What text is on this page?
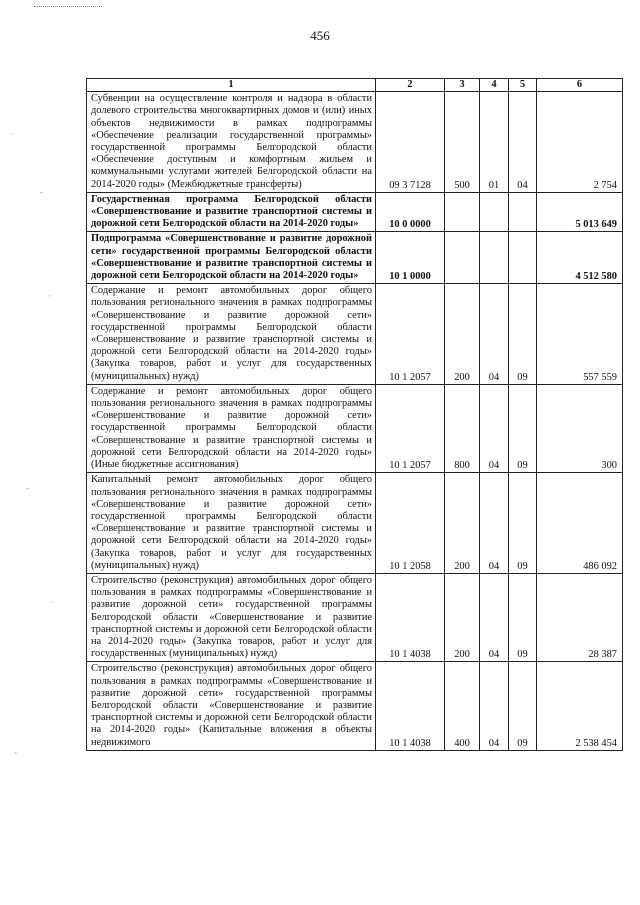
·
-
·
-
·
-
456
1	2	3	4	5	6
Субвенции на осуществление контроля и надзора в области долевого строительства многоквартирных домов и (или) иных объектов недвижимости в рамках подпрограммы «Обеспечение реализации государственной программы» государственной программы Белгородской области «Обеспечение доступным и комфортным жильем и коммунальными услугами жителей Белгородской области на 2014-2020 годы» (Межбюджетные трансферты)	09 3 7128	500	01	04	2 754
Государственная программа Белгородской области «Совершенствование и развитие транспортной системы и дорожной сети Белгородской области на 2014-2020 годы»	10 0 0000				5 013 649
Подпрограмма «Совершенствование и развитие дорожной сети» государственной программы Белгородской области «Совершенствование и развитие транспортной системы и дорожной сети Белгородской области на 2014-2020 годы»	10 1 0000				4 512 580
Содержание и ремонт автомобильных дорог общего пользования регионального значения в рамках подпрограммы «Совершенствование и развитие дорожной сети» государственной программы Белгородской области «Совершенствование и развитие транспортной системы и дорожной сети Белгородской области на 2014-2020 годы» (Закупка товаров, работ и услуг для государственных (муниципальных) нужд)	10 1 2057	200	04	09	557 559
Содержание и ремонт автомобильных дорог общего пользования регионального значения в рамках подпрограммы «Совершенствование и развитие дорожной сети» государственной программы Белгородской области «Совершенствование и развитие транспортной системы и дорожной сети Белгородской области на 2014-2020 годы» (Иные бюджетные ассигнования)	10 1 2057	800	04	09	300
Капитальный ремонт автомобильных дорог общего пользования регионального значения в рамках подпрограммы «Совершенствование и развитие дорожной сети» государственной программы Белгородской области «Совершенствование и развитие транспортной системы и дорожной сети Белгородской области на 2014-2020 годы» (Закупка товаров, работ и услуг для государственных (муниципальных) нужд)	10 1 2058	200	04	09	486 092
Строительство (реконструкция) автомобильных дорог общего пользования в рамках подпрограммы «Совершенствование и развитие дорожной сети» государственной программы Белгородской области «Совершенствование и развитие транспортной системы и дорожной сети Белгородской области на 2014-2020 годы» (Закупка товаров, работ и услуг для государственных (муниципальных) нужд)	10 1 4038	200	04	09	28 387
Строительство (реконструкция) автомобильных дорог общего пользования в рамках подпрограммы «Совершенствование и развитие дорожной сети» государственной программы Белгородской области «Совершенствование и развитие транспортной системы и дорожной сети Белгородской области на 2014-2020 годы» (Капитальные вложения в объекты недвижимого	10 1 4038	400	04	09	2 538 454
